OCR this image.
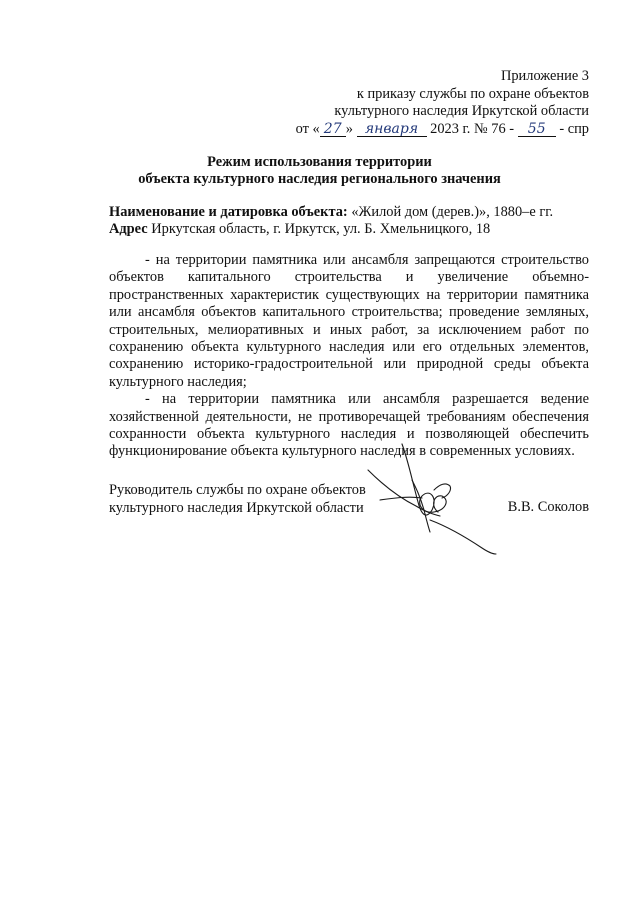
Приложение 3
к приказу службы по охране объектов
культурного наследия Иркутской области
от « 27 » января 2023 г. № 76 - 55 - спр
Режим использования территории
объекта культурного наследия регионального значения
Наименование и датировка объекта: «Жилой дом (дерев.)», 1880–е гг.
Адрес Иркутская область, г. Иркутск, ул. Б. Хмельницкого, 18

- на территории памятника или ансамбля запрещаются строительство объектов капитального строительства и увеличение объемно-пространственных характеристик существующих на территории памятника или ансамбля объектов капитального строительства; проведение земляных, строительных, мелиоративных и иных работ, за исключением работ по сохранению объекта культурного наследия или его отдельных элементов, сохранению историко-градостроительной или природной среды объекта культурного наследия;

- на территории памятника или ансамбля разрешается ведение хозяйственной деятельности, не противоречащей требованиям обеспечения сохранности объекта культурного наследия и позволяющей обеспечить функционирование объекта культурного наследия в современных условиях.

Руководитель службы по охране объектов
культурного наследия Иркутской области	В.В. Соколов
